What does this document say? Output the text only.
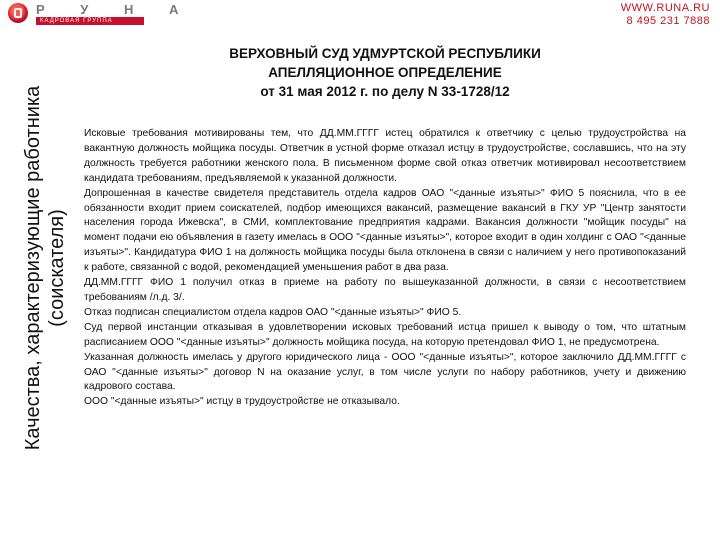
Р У Н А
КАДРОВАЯ ГРУППА
WWW.RUNA.RU
8 495 231 7888
Качества, характеризующие работника (соискателя)
ВЕРХОВНЫЙ СУД УДМУРТСКОЙ РЕСПУБЛИКИ
АПЕЛЛЯЦИОННОЕ ОПРЕДЕЛЕНИЕ
от 31 мая 2012 г. по делу N 33-1728/12

Исковые требования мотивированы тем, что ДД.ММ.ГГГГ истец обратился к ответчику с целью трудоустройства на вакантную должность мойщика посуды. Ответчик в устной форме отказал истцу в трудоустройстве, сославшись, что на эту должность требуется работники женского пола. В письменном форме свой отказ ответчик мотивировал несоответствием кандидата требованиям, предъявляемой к указанной должности.

Допрошенная в качестве свидетеля представитель отдела кадров ОАО "<данные изъяты>" ФИО 5 пояснила, что в ее обязанности входит прием соискателей, подбор имеющихся вакансий, размещение вакансий в ГКУ УР "Центр занятости населения города Ижевска", в СМИ, комплектование предприятия кадрами. Вакансия должности "мойщик посуды" на момент подачи ею объявления в газету имелась в ООО "<данные изъяты>", которое входит в один холдинг с ОАО "<данные изъяты>". Кандидатура ФИО 1 на должность мойщика посуды была отклонена в связи с наличием у него противопоказаний к работе, связанной с водой, рекомендацией уменьшения работ в два раза.

ДД.ММ.ГГГГ ФИО 1 получил отказ в приеме на работу по вышеуказанной должности, в связи с несоответствием требованиям /л.д. 3/.

Отказ подписан специалистом отдела кадров ОАО "<данные изъяты>" ФИО 5.

Суд первой инстанции отказывая в удовлетворении исковых требований истца пришел к выводу о том, что штатным расписанием ООО "<данные изъяты>" должность мойщика посуда, на которую претендовал ФИО 1, не предусмотрена.

Указанная должность имелась у другого юридического лица - ООО "<данные изъяты>", которое заключило ДД.ММ.ГГГГ с ОАО "<данные изъяты>" договор N на оказание услуг, в том числе услуги по набору работников, учету и движению кадрового состава.

ООО "<данные изъяты>" истцу в трудоустройстве не отказывало.
